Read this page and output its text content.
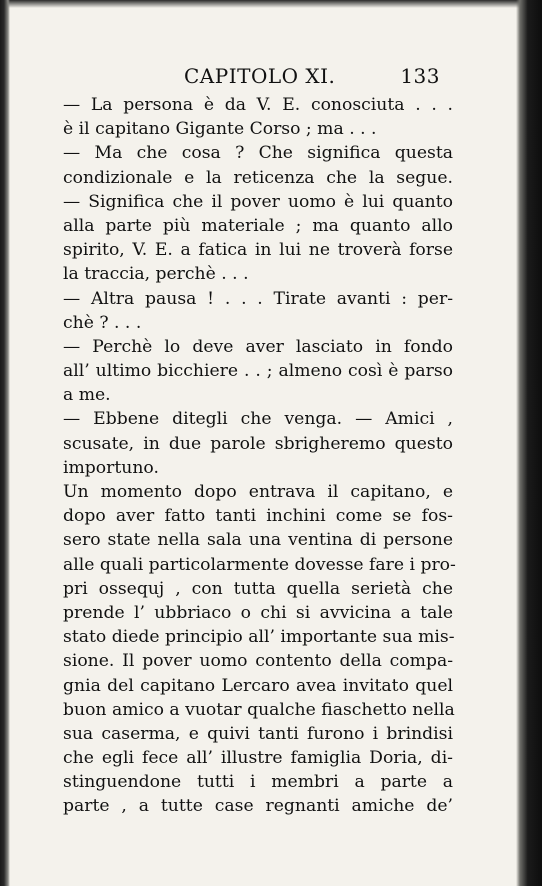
CAPITOLO XI.	133
— La persona è da V. E. conosciuta . . .
è il capitano Gigante Corso ; ma . . .
— Ma che cosa ? Che significa questa
condizionale e la reticenza che la segue.
— Significa che il pover uomo è lui quanto
alla parte più materiale ; ma quanto allo
spirito, V. E. a fatica in lui ne troverà forse
la traccia, perchè . . .
— Altra pausa ! . . . Tirate avanti : per-
chè ? . . .
— Perchè lo deve aver lasciato in fondo
all’ ultimo bicchiere . . ; almeno così è parso
a me.
— Ebbene ditegli che venga. — Amici ,
scusate, in due parole sbrigheremo questo
importuno.
Un momento dopo entrava il capitano, e
dopo aver fatto tanti inchini come se fos-
sero state nella sala una ventina di persone
alle quali particolarmente dovesse fare i pro-
pri ossequj , con tutta quella serietà che
prende l’ ubbriaco o chi si avvicina a tale
stato diede principio all’ importante sua mis-
sione. Il pover uomo contento della compa-
gnia del capitano Lercaro avea invitato quel
buon amico a vuotar qualche fiaschetto nella
sua caserma, e quivi tanti furono i brindisi
che egli fece all’ illustre famiglia Doria, di-
stinguendone tutti i membri a parte a
parte , a tutte case regnanti amiche de’
